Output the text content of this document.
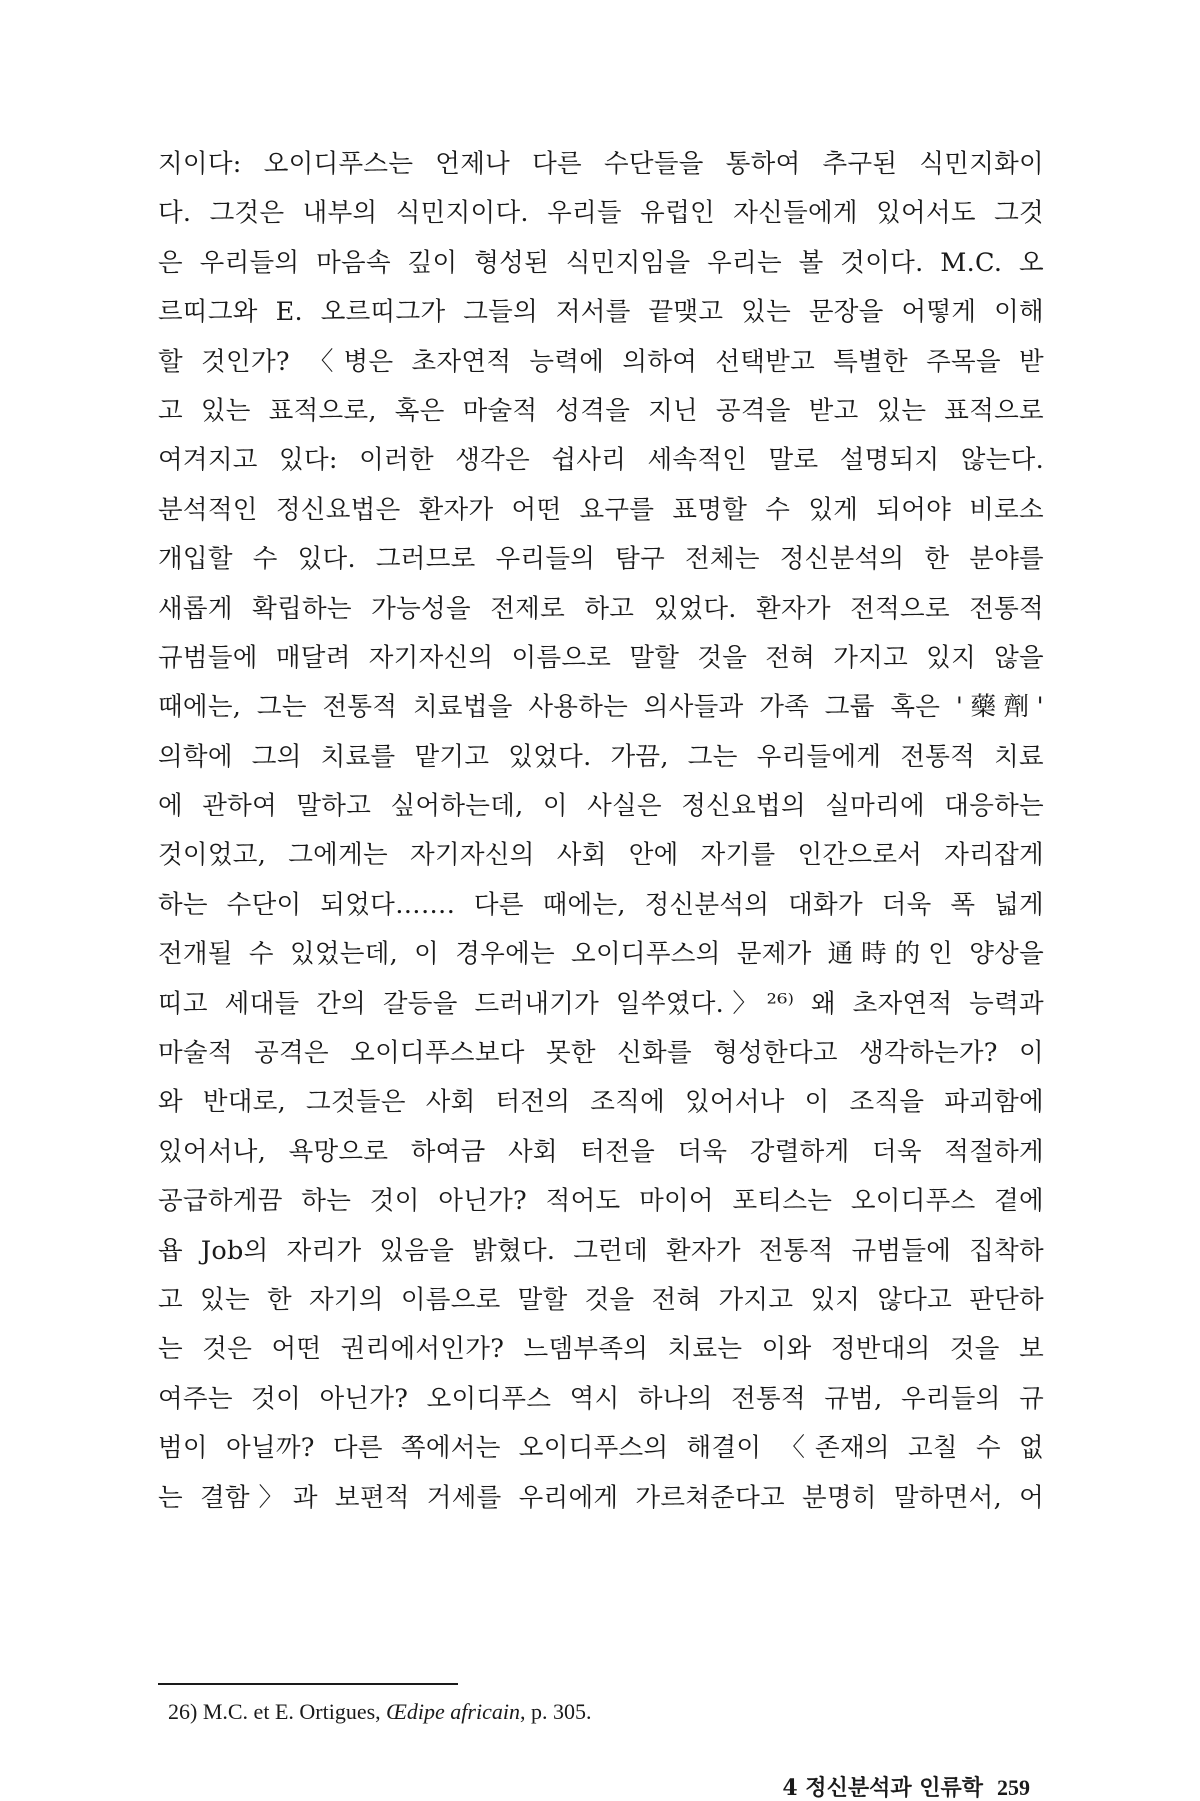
지이다: 오이디푸스는 언제나 다른 수단들을 통하여 추구된 식민지화이
다. 그것은 내부의 식민지이다. 우리들 유럽인 자신들에게 있어서도 그것
은 우리들의 마음속 깊이 형성된 식민지임을 우리는 볼 것이다. M.C. 오
르띠그와 E. 오르띠그가 그들의 저서를 끝맺고 있는 문장을 어떻게 이해
할 것인가? 〈병은 초자연적 능력에 의하여 선택받고 특별한 주목을 받
고 있는 표적으로, 혹은 마술적 성격을 지닌 공격을 받고 있는 표적으로
여겨지고 있다: 이러한 생각은 쉽사리 세속적인 말로 설명되지 않는다.
분석적인 정신요법은 환자가 어떤 요구를 표명할 수 있게 되어야 비로소
개입할 수 있다. 그러므로 우리들의 탐구 전체는 정신분석의 한 분야를
새롭게 확립하는 가능성을 전제로 하고 있었다. 환자가 전적으로 전통적
규범들에 매달려 자기자신의 이름으로 말할 것을 전혀 가지고 있지 않을
때에는, 그는 전통적 치료법을 사용하는 의사들과 가족 그룹 혹은 '藥劑'
의학에 그의 치료를 맡기고 있었다. 가끔, 그는 우리들에게 전통적 치료
에 관하여 말하고 싶어하는데, 이 사실은 정신요법의 실마리에 대응하는
것이었고, 그에게는 자기자신의 사회 안에 자기를 인간으로서 자리잡게
하는 수단이 되었다……. 다른 때에는, 정신분석의 대화가 더욱 폭 넓게
전개될 수 있었는데, 이 경우에는 오이디푸스의 문제가 通時的인 양상을
띠고 세대들 간의 갈등을 드러내기가 일쑤였다.〉²⁶⁾ 왜 초자연적 능력과
마술적 공격은 오이디푸스보다 못한 신화를 형성한다고 생각하는가? 이
와 반대로, 그것들은 사회 터전의 조직에 있어서나 이 조직을 파괴함에
있어서나, 욕망으로 하여금 사회 터전을 더욱 강렬하게 더욱 적절하게
공급하게끔 하는 것이 아닌가? 적어도 마이어 포티스는 오이디푸스 곁에
욥 Job의 자리가 있음을 밝혔다. 그런데 환자가 전통적 규범들에 집착하
고 있는 한 자기의 이름으로 말할 것을 전혀 가지고 있지 않다고 판단하
는 것은 어떤 권리에서인가? 느뎀부족의 치료는 이와 정반대의 것을 보
여주는 것이 아닌가? 오이디푸스 역시 하나의 전통적 규범, 우리들의 규
범이 아닐까? 다른 쪽에서는 오이디푸스의 해결이 〈존재의 고칠 수 없
는 결함〉과 보편적 거세를 우리에게 가르쳐준다고 분명히 말하면서, 어
26) M.C. et E. Ortigues, Œdipe africain, p. 305.
4 정신분석과 인류학 259
